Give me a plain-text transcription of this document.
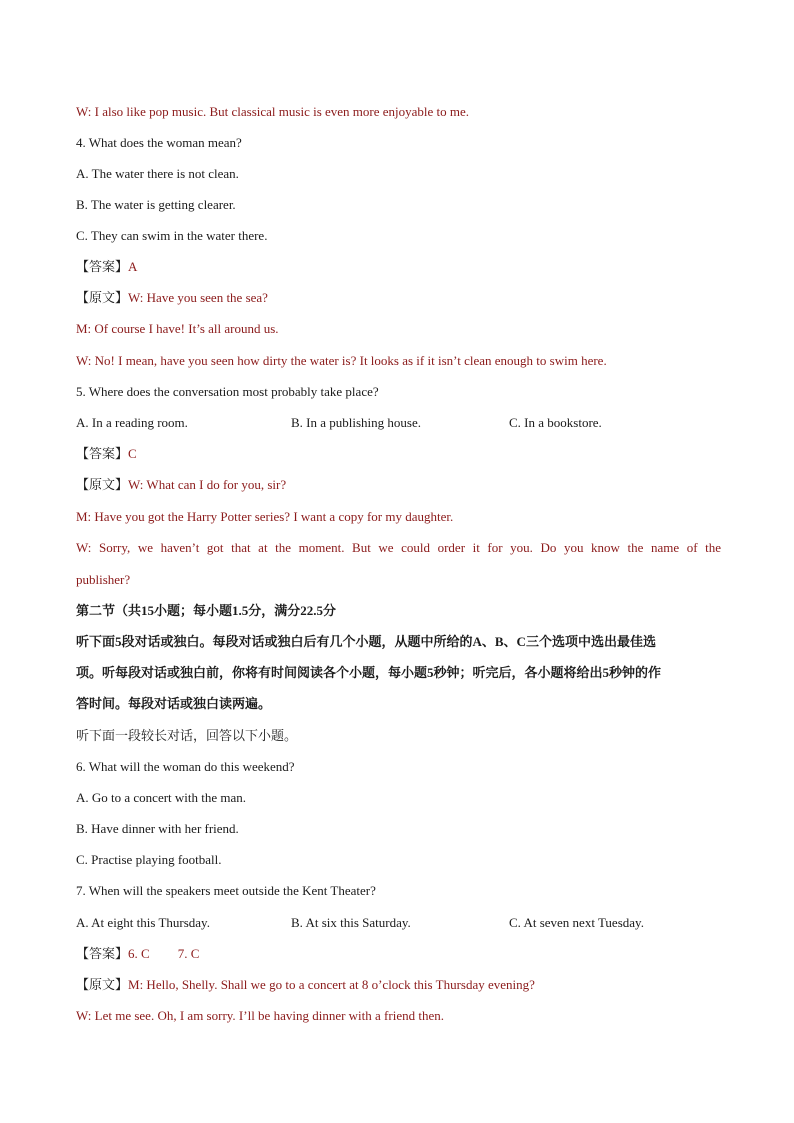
W: I also like pop music. But classical music is even more enjoyable to me.
4. What does the woman mean?
A. The water there is not clean.
B. The water is getting clearer.
C. They can swim in the water there.
【答案】A
【原文】W: Have you seen the sea?
M: Of course I have! It’s all around us.
W: No! I mean, have you seen how dirty the water is? It looks as if it isn’t clean enough to swim here.
5. Where does the conversation most probably take place?
A. In a reading room.	B. In a publishing house.	C. In a bookstore.
【答案】C
【原文】W: What can I do for you, sir?
M: Have you got the Harry Potter series? I want a copy for my daughter.
W: Sorry, we haven’t got that at the moment. But we could order it for you. Do you know the name of the
publisher?
第二节（共15小题；每小题1.5分，满分22.5分
听下面5段对话或独白。每段对话或独白后有几个小题，从题中所给的A、B、C三个选项中选出最佳选
项。听每段对话或独白前，你将有时间阅读各个小题，每小题5秒钟；听完后，各小题将给出5秒钟的作
答时间。每段对话或独白读两遍。
听下面一段较长对话，回答以下小题。
6. What will the woman do this weekend?
A. Go to a concert with the man.
B. Have dinner with her friend.
C. Practise playing football.
7. When will the speakers meet outside the Kent Theater?
A. At eight this Thursday.	B. At six this Saturday.	C. At seven next Tuesday.
【答案】6. C 7. C
【原文】M: Hello, Shelly. Shall we go to a concert at 8 o’clock this Thursday evening?
W: Let me see. Oh, I am sorry. I’ll be having dinner with a friend then.
